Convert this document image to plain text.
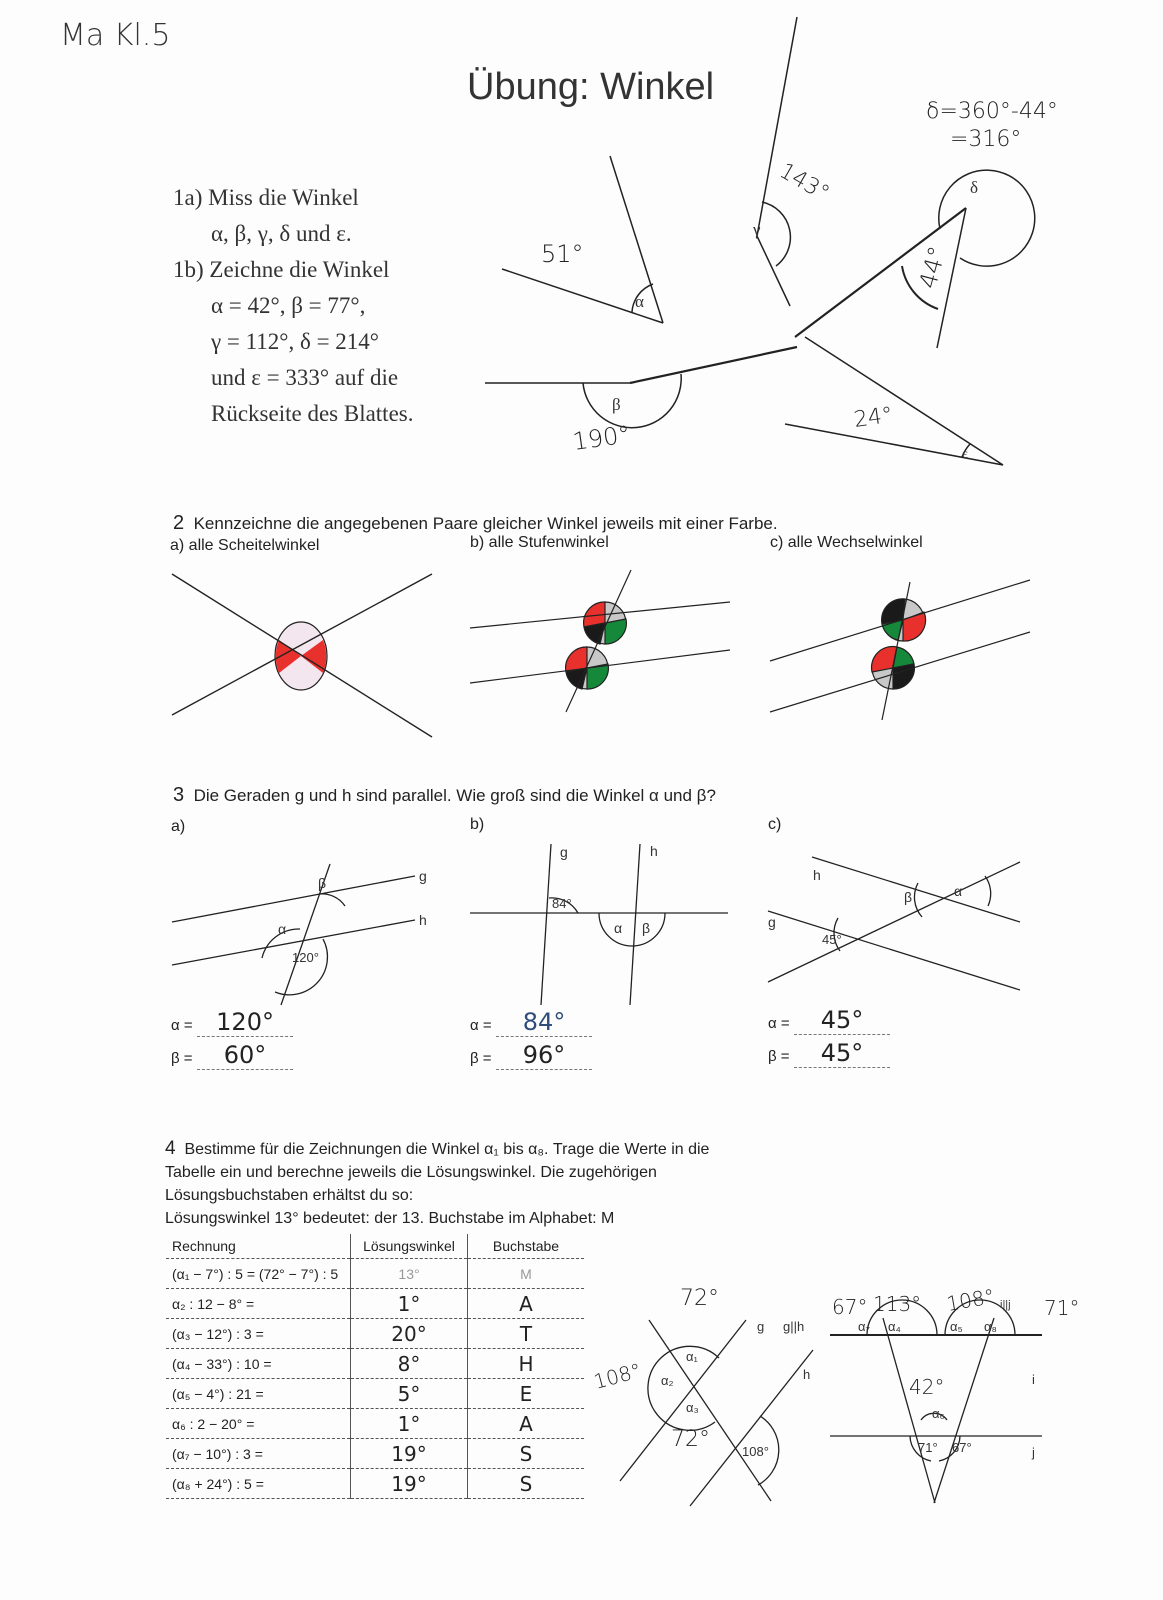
Ma Kl.5
Übung: Winkel
1a) Miss die Winkel

α, β, γ, δ und ε.
1b) Zeichne die Winkel

α = 42°, β = 77°,
γ = 112°, δ = 214°
und ε = 333° auf die
Rückseite des Blattes.
α
β
γ
δ
ε
51°
190°
143°
44°
δ=360°-44°
=316°
24°
2 Kennzeichne die angegebenen Paare gleicher Winkel jeweils mit einer Farbe.
a) alle Scheitelwinkel	b) alle Stufenwinkel	c) alle Wechselwinkel
3 Die Geraden g und h sind parallel. Wie groß sind die Winkel α und β?
a)	b)	c)
β
α
120°
g
h
g	h
84°
α β
h
g
β	α
45°
α = 120°
β = 60°
α = 84°
β = 96°
α = 45°
β = 45°
4 Bestimme für die Zeichnungen die Winkel α₁ bis α₈. Trage die Werte in die
Tabelle ein und berechne jeweils die Lösungswinkel. Die zugehörigen
Lösungsbuchstaben erhältst du so:
Lösungswinkel 13° bedeutet: der 13. Buchstabe im Alphabet: M
Rechnung	Lösungswinkel	Buchstabe
(α₁ − 7°) : 5 = (72° − 7°) : 5	13°	M
α₂ : 12 − 8° =	1°	A
(α₃ − 12°) : 3 =	20°	T
(α₄ − 33°) : 10 =	8°	H
(α₅ − 4°) : 21 =	5°	E
α₆ : 2 − 20° =	1°	A
(α₇ − 10°) : 3 =	19°	S
(α₈ + 24°) : 5 =	19°	S
g g||h
h
α₁
α₂
α₃
108°
i||j
i
j
α₇ α₄	α₅ α₈
α₆
71° 67°
72°
108°
72°
67° 113° 108° 71°
42°
